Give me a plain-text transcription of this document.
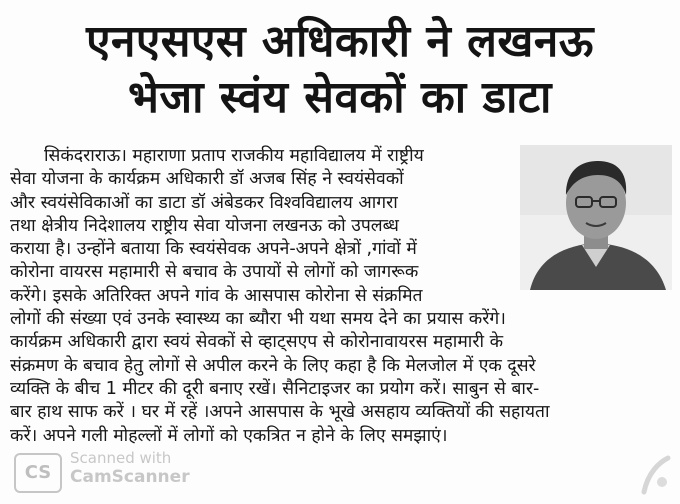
एनएसएस अधिकारी ने लखनऊ
भेजा स्वंय सेवकों का डाटा
सिकंदराराऊ। महाराणा प्रताप राजकीय महाविद्यालय में राष्ट्रीय
सेवा योजना के कार्यक्रम अधिकारी डॉ अजब सिंह ने स्वयंसेवकों
और स्वयंसेविकाओं का डाटा डॉ अंबेडकर विश्वविद्यालय आगरा
तथा क्षेत्रीय निदेशालय राष्ट्रीय सेवा योजना लखनऊ को उपलब्ध
कराया है। उन्होंने बताया कि स्वयंसेवक अपने-अपने क्षेत्रों ,गांवों में
कोरोना वायरस महामारी से बचाव के उपायों से लोगों को जागरूक
करेंगे। इसके अतिरिक्त अपने गांव के आसपास कोरोना से संक्रमित
लोगों की संख्या एवं उनके स्वास्थ्य का ब्यौरा भी यथा समय देने का प्रयास करेंगे।
कार्यक्रम अधिकारी द्वारा स्वयं सेवकों से व्हाट्सएप से कोरोनावायरस महामारी के
संक्रमण के बचाव हेतु लोगों से अपील करने के लिए कहा है कि मेलजोल में एक दूसरे
व्यक्ति के बीच 1 मीटर की दूरी बनाए रखें। सैनिटाइजर का प्रयोग करें। साबुन से बार-
बार हाथ साफ करें । घर में रहें ।अपने आसपास के भूखे असहाय व्यक्तियों की सहायता
करें। अपने गली मोहल्लों में लोगों को एकत्रित न होने के लिए समझाएं।
CS
Scanned with
CamScanner
